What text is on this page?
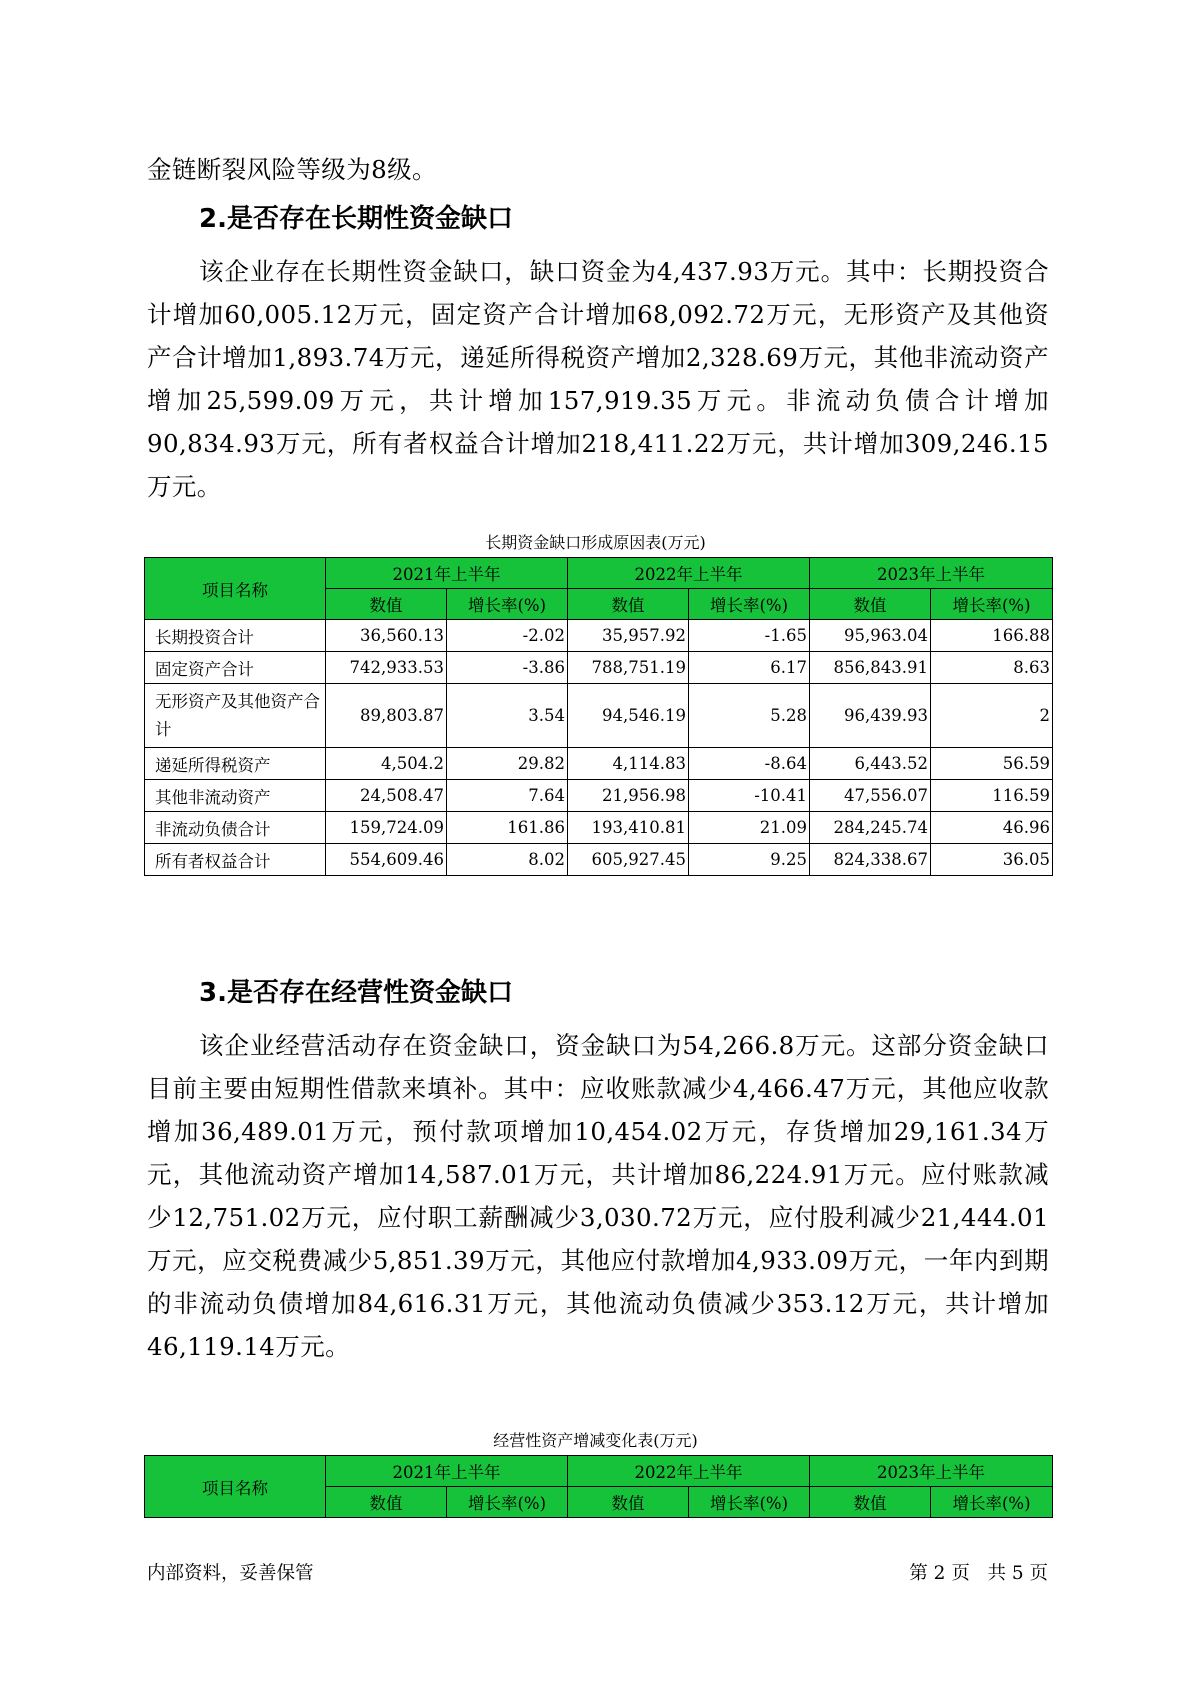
金链断裂风险等级为8级。

2.是否存在长期性资金缺口

该企业存在长期性资金缺口，缺口资金为4,437.93万元。其中：长期投资合计增加60,005.12万元，固定资产合计增加68,092.72万元，无形资产及其他资产合计增加1,893.74万元，递延所得税资产增加2,328.69万元，其他非流动资产增加25,599.09万元，共计增加157,919.35万元。非流动负债合计增加90,834.93万元，所有者权益合计增加218,411.22万元，共计增加309,246.15万元。

长期资金缺口形成原因表(万元)

项目名称	2021年上半年		2022年上半年		2023年上半年	
	数值	增长率(%)	数值	增长率(%)	数值	增长率(%)
长期投资合计	36,560.13	-2.02	35,957.92	-1.65	95,963.04	166.88
固定资产合计	742,933.53	-3.86	788,751.19	6.17	856,843.91	8.63
无形资产及其他资产合计	89,803.87	3.54	94,546.19	5.28	96,439.93	2
递延所得税资产	4,504.2	29.82	4,114.83	-8.64	6,443.52	56.59
其他非流动资产	24,508.47	7.64	21,956.98	-10.41	47,556.07	116.59
非流动负债合计	159,724.09	161.86	193,410.81	21.09	284,245.74	46.96
所有者权益合计	554,609.46	8.02	605,927.45	9.25	824,338.67	36.05
3.是否存在经营性资金缺口

该企业经营活动存在资金缺口，资金缺口为54,266.8万元。这部分资金缺口目前主要由短期性借款来填补。其中：应收账款减少4,466.47万元，其他应收款增加36,489.01万元，预付款项增加10,454.02万元，存货增加29,161.34万元，其他流动资产增加14,587.01万元，共计增加86,224.91万元。应付账款减少12,751.02万元，应付职工薪酬减少3,030.72万元，应付股利减少21,444.01万元，应交税费减少5,851.39万元，其他应付款增加4,933.09万元，一年内到期的非流动负债增加84,616.31万元，其他流动负债减少353.12万元，共计增加46,119.14万元。

经营性资产增减变化表(万元)

项目名称	2021年上半年		2022年上半年		2023年上半年	
	数值	增长率(%)	数值	增长率(%)	数值	增长率(%)

内部资料，妥善保管	第 2 页   共 5 页
